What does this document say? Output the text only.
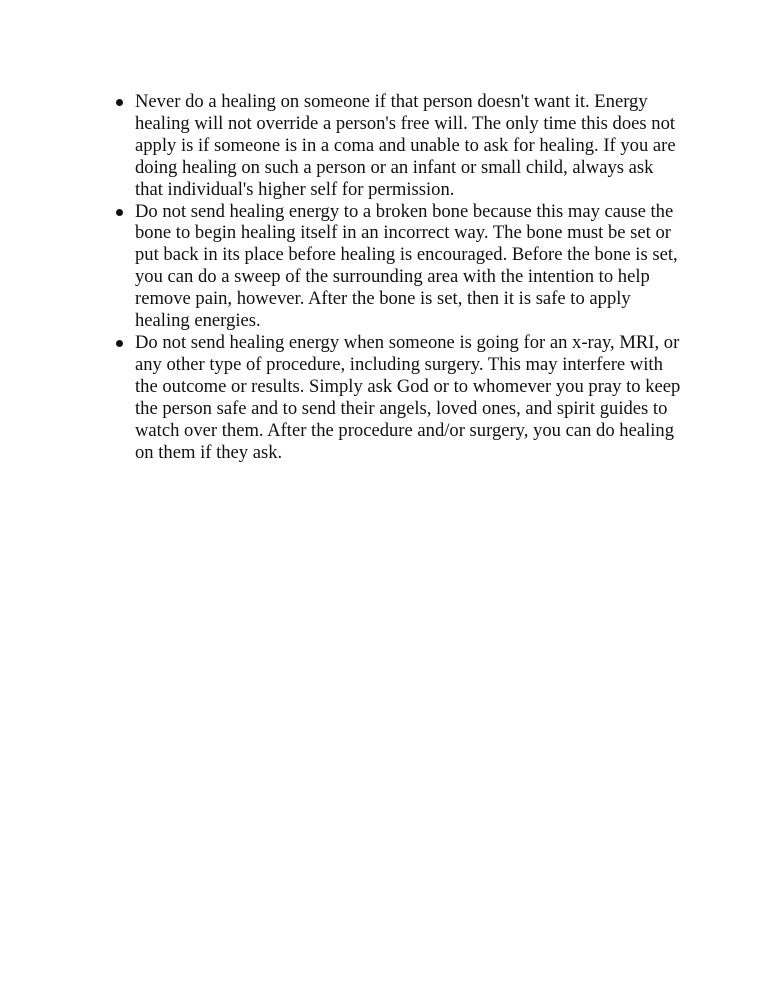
Never do a healing on someone if that person doesn't want it. Energy healing will not override a person's free will. The only time this does not apply is if someone is in a coma and unable to ask for healing. If you are doing healing on such a person or an infant or small child, always ask that individual's higher self for permission.
Do not send healing energy to a broken bone because this may cause the bone to begin healing itself in an incorrect way. The bone must be set or put back in its place before healing is encouraged. Before the bone is set, you can do a sweep of the surrounding area with the intention to help remove pain, however. After the bone is set, then it is safe to apply healing energies.
Do not send healing energy when someone is going for an x-ray, MRI, or any other type of procedure, including surgery. This may interfere with the outcome or results. Simply ask God or to whomever you pray to keep the person safe and to send their angels, loved ones, and spirit guides to watch over them. After the procedure and/or surgery, you can do healing on them if they ask.
